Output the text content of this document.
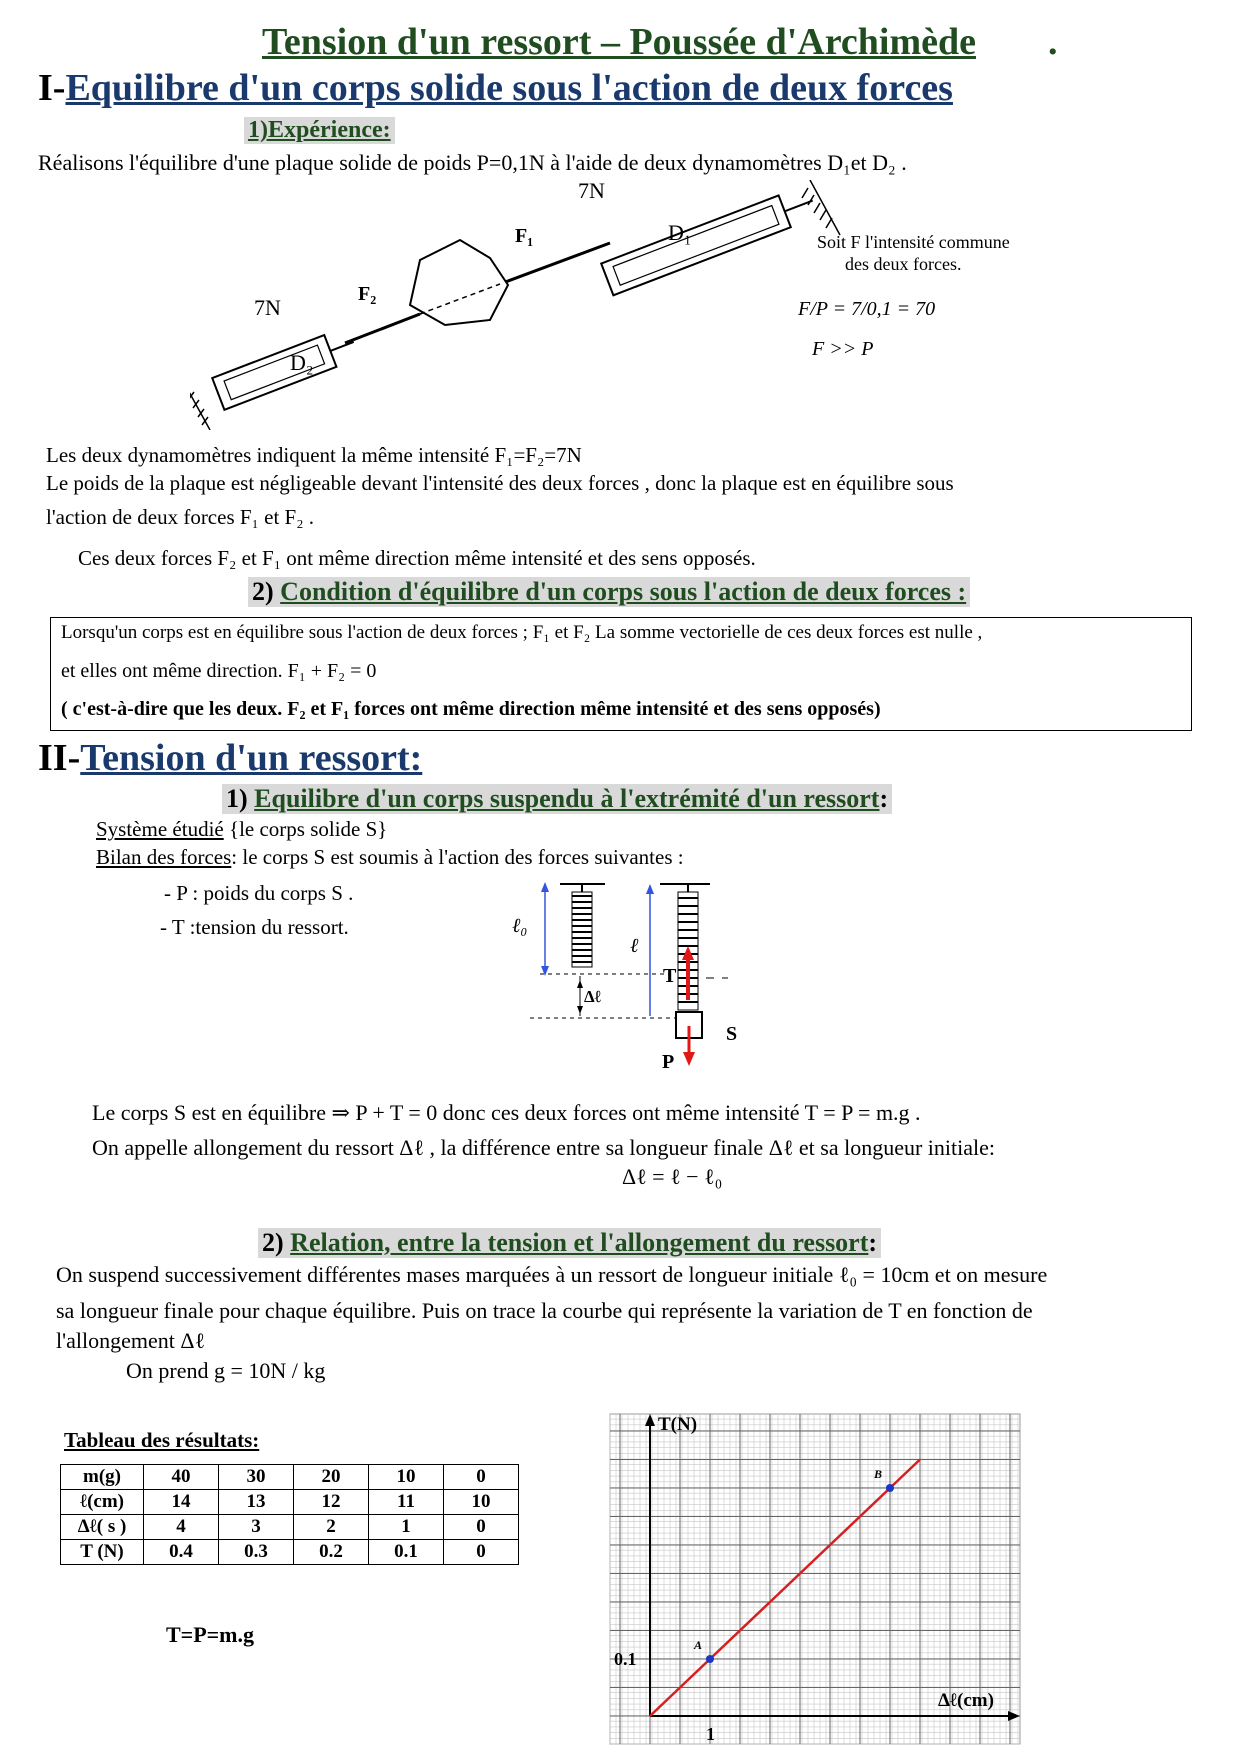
Tension d'un ressort – Poussée d'Archimède .
I-Equilibre d'un corps solide sous l'action de deux forces
1)Expérience:
Réalisons l'équilibre d'une plaque solide de poids P=0,1N à l'aide de deux dynamomètres D₁et D₂ .
7N
D₁
7N
D₂
F₁
F₂
Soit F l'intensité commune
des deux forces.
F/P = 7/0,1 = 70
F >> P
Les deux dynamomètres indiquent la même intensité F₁=F₂=7N
Le poids de la plaque est négligeable devant l'intensité des deux forces , donc la plaque est en équilibre sous
l'action de deux forces F₁ et F₂ .
Ces deux forces F₂ et F₁ ont même direction même intensité et des sens opposés.
2) Condition d'équilibre d'un corps sous l'action de deux forces :
Lorsqu'un corps est en équilibre sous l'action de deux forces ; F₁ et F₂ La somme vectorielle de ces deux forces est nulle ,
et elles ont même direction. F₁ + F₂ = 0
( c'est-à-dire que les deux. F₂ et F₁ forces ont même direction même intensité et des sens opposés)
II-Tension d'un ressort:
1) Equilibre d'un corps suspendu à l'extrémité d'un ressort:
Système étudié {le corps solide S}
Bilan des forces: le corps S est soumis à l'action des forces suivantes :
- P : poids du corps S .
- T :tension du ressort.	ℓ₀
Δℓ
ℓ
T
S
P
Le corps S est en équilibre ⇒ P + T = 0 donc ces deux forces ont même intensité T = P = m.g .
On appelle allongement du ressort Δℓ , la différence entre sa longueur finale Δℓ et sa longueur initiale:
Δℓ = ℓ − ℓ₀
2) Relation, entre la tension et l'allongement du ressort:
On suspend successivement différentes mases marquées à un ressort de longueur initiale ℓ₀ = 10cm et on mesure
sa longueur finale pour chaque équilibre. Puis on trace la courbe qui représente la variation de T en fonction de
l'allongement Δℓ
On prend g = 10N / kg
Tableau des résultats:
m(g)	40	30	20	10	0
ℓ(cm)	14	13	12	11	10
Δℓ( s )	4	3	2	1	0
T (N)	0.4	0.3	0.2	0.1	0
T=P=m.g
T(N)
Δℓ(cm)
1
0.1
A
B
